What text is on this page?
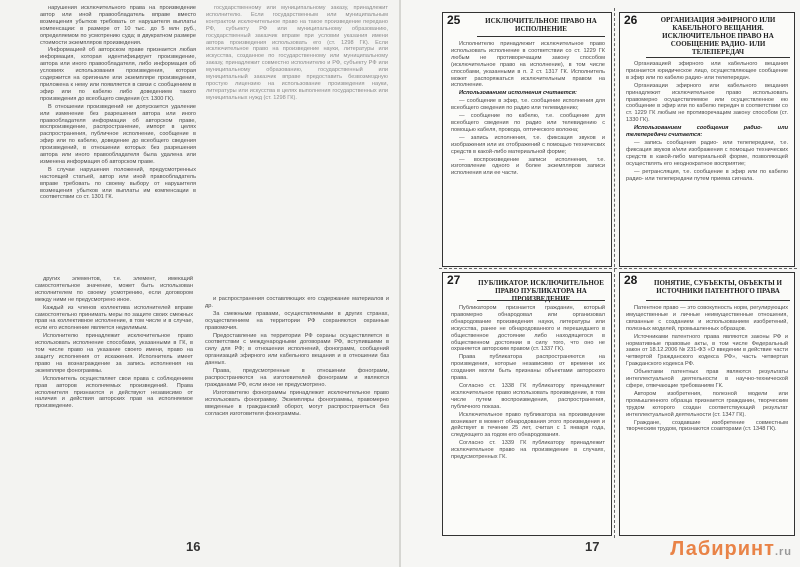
нарушения исключительного права на произведение автор или иной правообладатель вправе вместо возмещения убытков требовать от нарушителя выплаты компенсации: в размере от 10 тыс. до 5 млн руб., определяемом по усмотрению суда; в двукратном размере стоимости экземпляров произведения.

Информацией об авторском праве признается любая информация, которая идентифицирует произведение, автора или иного правообладателя, либо информация об условиях использования произведения, которая содержится на оригинале или экземпляре произведения, приложена к нему или появляется в связи с сообщением в эфир или по кабелю либо доведением такого произведения до всеобщего сведения (ст. 1300 ГК).

В отношении произведений не допускается удаление или изменение без разрешения автора или иного правообладателя информации об авторском праве, воспроизведение, распространение, импорт в целях распространения, публичное исполнение, сообщение в эфир или по кабелю, доведение до всеобщего сведения произведений, в отношении которых без разрешения автора или иного правообладателя была удалена или изменена информация об авторском праве.

В случае нарушения положений, предусмотренных настоящей статьей, автор или иной правообладатель вправе требовать по своему выбору от нарушителя возмещения убытков или выплаты им компенсации в соответствии со ст. 1301 ГК.

государственному или муниципальному заказу, принадлежит исполнителю. Если государственным или муниципальным контрактом исключительное право на такое произведение передано РФ, субъекту РФ или муниципальному образованию, государственный заказчик вправе при условии указания имени автора произведения использовать его (ст. 1298 ГК). Если исключительное право на произведение науки, литературы или искусства, созданное по государственному или муниципальному заказу, принадлежит совместно исполнителю и РФ, субъекту РФ или муниципальному образованию, государственный или муниципальный заказчик вправе предоставить безвозмездную простую лицензию на использование произведения науки, литературы или искусства в целях выполнения государственных или муниципальных нужд (ст. 1298 ГК).

других элементов, т.е. элемент, имеющий самостоятельное значение, может быть использован исполнителем по своему усмотрению, если договором между ними не предусмотрено иное.

Каждый из членов коллектива исполнителей вправе самостоятельно принимать меры по защите своих смежных прав на коллективное исполнение, в том числе и в случае, если его исполнение является неделимым.

Исполнителю принадлежит исключительное право использовать исполнение способами, указанными в ГК, в том числе право на указание своего имени, право на защиту исполнения от искажения. Исполнитель имеет право на вознаграждение за запись исполнения на экземпляре фонограммы.

Исполнитель осуществляет свои права с соблюдением прав авторов исполняемых произведений. Права исполнителя признаются и действуют независимо от наличия и действия авторских прав на исполняемое произведение.

и распространения составляющих его содержание материалов и др.

За смежными правами, осуществляемыми в других странах, осуществлением на территории РФ сохраняются охранные правомочия.

Предоставление на территории РФ охраны осуществляется в соответствии с международными договорами РФ, вступившими в силу для РФ; в отношении исполнений, фонограмм, сообщений организаций эфирного или кабельного вещания и в отношении баз данных.

Права, предусмотренные в отношении фонограмм, распространяются на изготовителей фонограмм и являются гражданами РФ, если иное не предусмотрено.

Изготовителю фонограммы принадлежит исключительное право использовать фонограмму. Экземпляры фонограммы, правомерно введенные в гражданский оборот, могут распространяться без согласия изготовителя фонограммы.

16
ИСКЛЮЧИТЕЛЬНОЕ ПРАВО НА ИСПОЛНЕНИЕ

Исполнителю принадлежит исключительное право использовать исполнение в соответствии со ст. 1229 ГК любым не противоречащим закону способом (исключительное право на исполнение), в том числе способами, указанными в п. 2 ст. 1317 ГК. Исполнитель может распоряжаться исключительным правом на исполнение.

Использованием исполнения считается:

— сообщение в эфир, т.е. сообщение исполнения для всеобщего сведения по радио или телевидению;

— сообщение по кабелю, т.е. сообщение для всеобщего сведения по радио или телевидению с помощью кабеля, провода, оптического волокна;

— запись исполнения, т.е. фиксация звуков и изображения или их отображений с помощью технических средств в какой-либо материальной форме;

— воспроизведение записи исполнения, т.е. изготовление одного и более экземпляров записи исполнения или ее части.

25	ОРГАНИЗАЦИЯ ЭФИРНОГО ИЛИ КАБЕЛЬНОГО ВЕЩАНИЯ. ИСКЛЮЧИТЕЛЬНОЕ ПРАВО НА СООБЩЕНИЕ РАДИО- ИЛИ ТЕЛЕПЕРЕДАЧ

Организацией эфирного или кабельного вещания признается юридическое лицо, осуществляющее сообщение в эфир или по кабелю радио- или телепередач.

Организации эфирного или кабельного вещания принадлежит исключительное право использовать правомерно осуществляемое или осуществленное ею сообщение в эфир или по кабелю передач в соответствии со ст. 1229 ГК любым не противоречащим закону способом (ст. 1330 ГК).

Использованием сообщения радио- или телепередачи считается:

— запись сообщения радио- или телепередачи, т.е. фиксация звуков и/или изображения с помощью технических средств в какой-либо материальной форме, позволяющей осуществлять его неоднократное восприятие;

— ретрансляция, т.е. сообщение в эфир или по кабелю радио- или телепередачи путем приема сигнала.

26
ПУБЛИКАТОР. ИСКЛЮЧИТЕЛЬНОЕ ПРАВО ПУБЛИКАТОРА НА ПРОИЗВЕДЕНИЕ

Публикатором признается гражданин, который правомерно обнародовал или организовал обнародование произведения науки, литературы или искусства, ранее не обнародованного и перешедшего в общественное достояние либо находящегося в общественном достоянии в силу того, что оно не охраняется авторским правом (ст. 1337 ГК).

Права публикатора распространяются на произведения, которые независимо от времени их создания могли быть признаны объектами авторского права.

Согласно ст. 1338 ГК публикатору принадлежит исключительное право использовать произведение, в том числе путем воспроизведения, распространения, публичного показа.

Исключительное право публикатора на произведение возникает в момент обнародования этого произведения и действует в течение 25 лет, считая с 1 января года, следующего за годом его обнародования.

Согласно ст. 1339 ГК публикатору принадлежит исключительное право на произведение в случаях, предусмотренных ГК.

27	ПОНЯТИЕ, СУБЪЕКТЫ, ОБЪЕКТЫ И ИСТОЧНИКИ ПАТЕНТНОГО ПРАВА

Патентное право — это совокупность норм, регулирующих имущественные и личные неимущественные отношения, связанные с созданием и использованием изобретений, полезных моделей, промышленных образцов.

Источниками патентного права являются законы РФ и нормативные правовые акты, в том числе Федеральный закон от 18.12.2006 № 231-ФЗ «О введении в действие части четвертой Гражданского кодекса РФ», часть четвертая Гражданского кодекса РФ.

Объектами патентных прав являются результаты интеллектуальной деятельности в научно-технической сфере, отвечающие требованиям ГК.

Автором изобретения, полезной модели или промышленного образца признается гражданин, творческим трудом которого создан соответствующий результат интеллектуальной деятельности (ст. 1347 ГК).

Граждане, создавшие изобретение совместным творческим трудом, признаются соавторами (ст. 1348 ГК).

28
17	Лабиринт.ru
